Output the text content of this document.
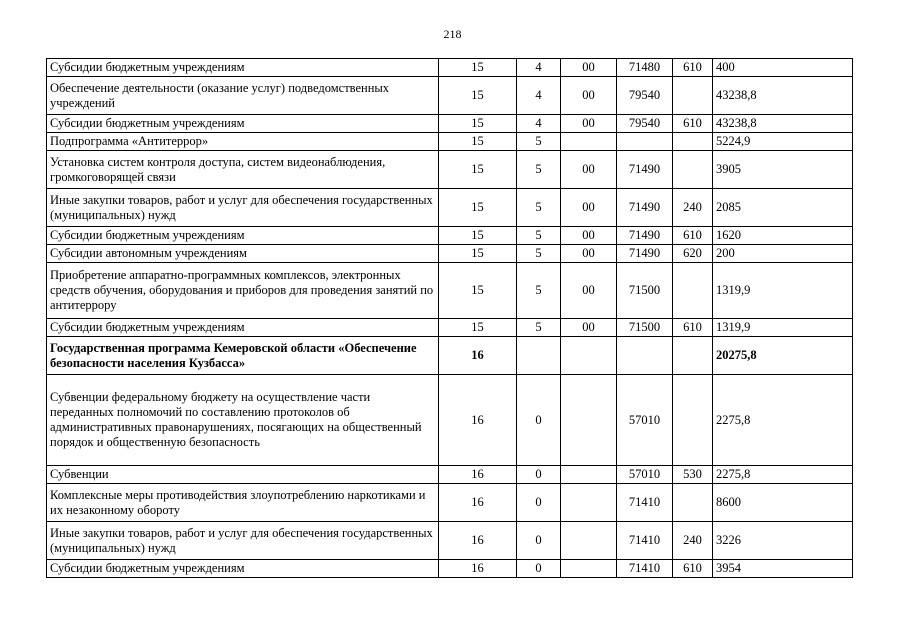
218
Субсидии бюджетным учреждениям	15	4	00	71480	610	400
Обеспечение деятельности (оказание услуг) подведомственных учреждений	15	4	00	79540		43238,8
Субсидии бюджетным учреждениям	15	4	00	79540	610	43238,8
Подпрограмма «Антитеррор»	15	5				5224,9
Установка систем контроля доступа, систем видеонаблюдения, громкоговорящей связи	15	5	00	71490		3905
Иные закупки товаров, работ и услуг для обеспечения государственных (муниципальных) нужд	15	5	00	71490	240	2085
Субсидии бюджетным учреждениям	15	5	00	71490	610	1620
Субсидии автономным учреждениям	15	5	00	71490	620	200
Приобретение аппаратно-программных комплексов, электронных средств обучения, оборудования и приборов для проведения занятий по антитеррору	15	5	00	71500		1319,9
Субсидии бюджетным учреждениям	15	5	00	71500	610	1319,9
Государственная программа Кемеровской области «Обеспечение безопасности населения Кузбасса»	16					20275,8
Субвенции федеральному бюджету на осуществление части переданных полномочий по составлению протоколов об административных правонарушениях, посягающих на общественный порядок и общественную безопасность	16	0		57010		2275,8
Субвенции	16	0		57010	530	2275,8
Комплексные меры противодействия злоупотреблению наркотиками и их незаконному обороту	16	0		71410		8600
Иные закупки товаров, работ и услуг для обеспечения государственных (муниципальных) нужд	16	0		71410	240	3226
Субсидии бюджетным учреждениям	16	0		71410	610	3954
